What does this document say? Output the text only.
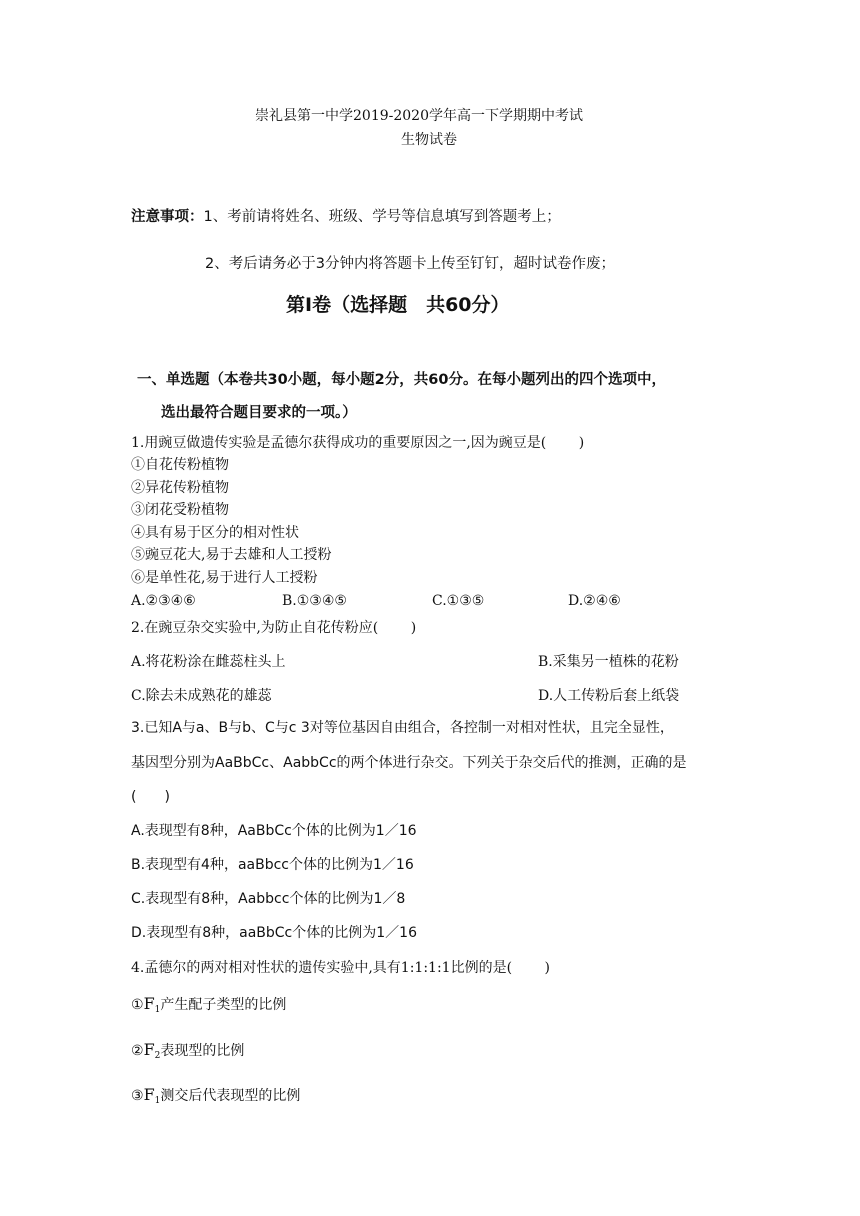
崇礼县第一中学2019-2020学年高一下学期期中考试
生物试卷
注意事项：1、考前请将姓名、班级、学号等信息填写到答题考上；
2、考后请务必于3分钟内将答题卡上传至钉钉，超时试卷作废；
第Ⅰ卷（选择题　共60分）
一、单选题（本卷共30小题，每小题2分，共60分。在每小题列出的四个选项中，
选出最符合题目要求的一项。）
1.用豌豆做遗传实验是孟德尔获得成功的重要原因之一,因为豌豆是(　　 )
①自花传粉植物
②异花传粉植物
③闭花受粉植物
④具有易于区分的相对性状
⑤豌豆花大,易于去雄和人工授粉
⑥是单性花,易于进行人工授粉
A.②③④⑥	B.①③④⑤	C.①③⑤	D.②④⑥
2.在豌豆杂交实验中,为防止自花传粉应(　　 )
A.将花粉涂在雌蕊柱头上	B.采集另一植株的花粉
C.除去未成熟花的雄蕊	D.人工传粉后套上纸袋
3.已知A与a、B与b、C与c 3对等位基因自由组合，各控制一对相对性状，且完全显性，
基因型分别为AaBbCc、AabbCc的两个体进行杂交。下列关于杂交后代的推测，正确的是
(　　)
A.表现型有8种，AaBbCc个体的比例为1／16
B.表现型有4种，aaBbcc个体的比例为1／16
C.表现型有8种，Aabbcc个体的比例为1／8
D.表现型有8种，aaBbCc个体的比例为1／16
4.孟德尔的两对相对性状的遗传实验中,具有1:1:1:1比例的是(　　 )
$①F_1$产生配子类型的比例
$②F_2$表现型的比例
$③F_1$测交后代表现型的比例
